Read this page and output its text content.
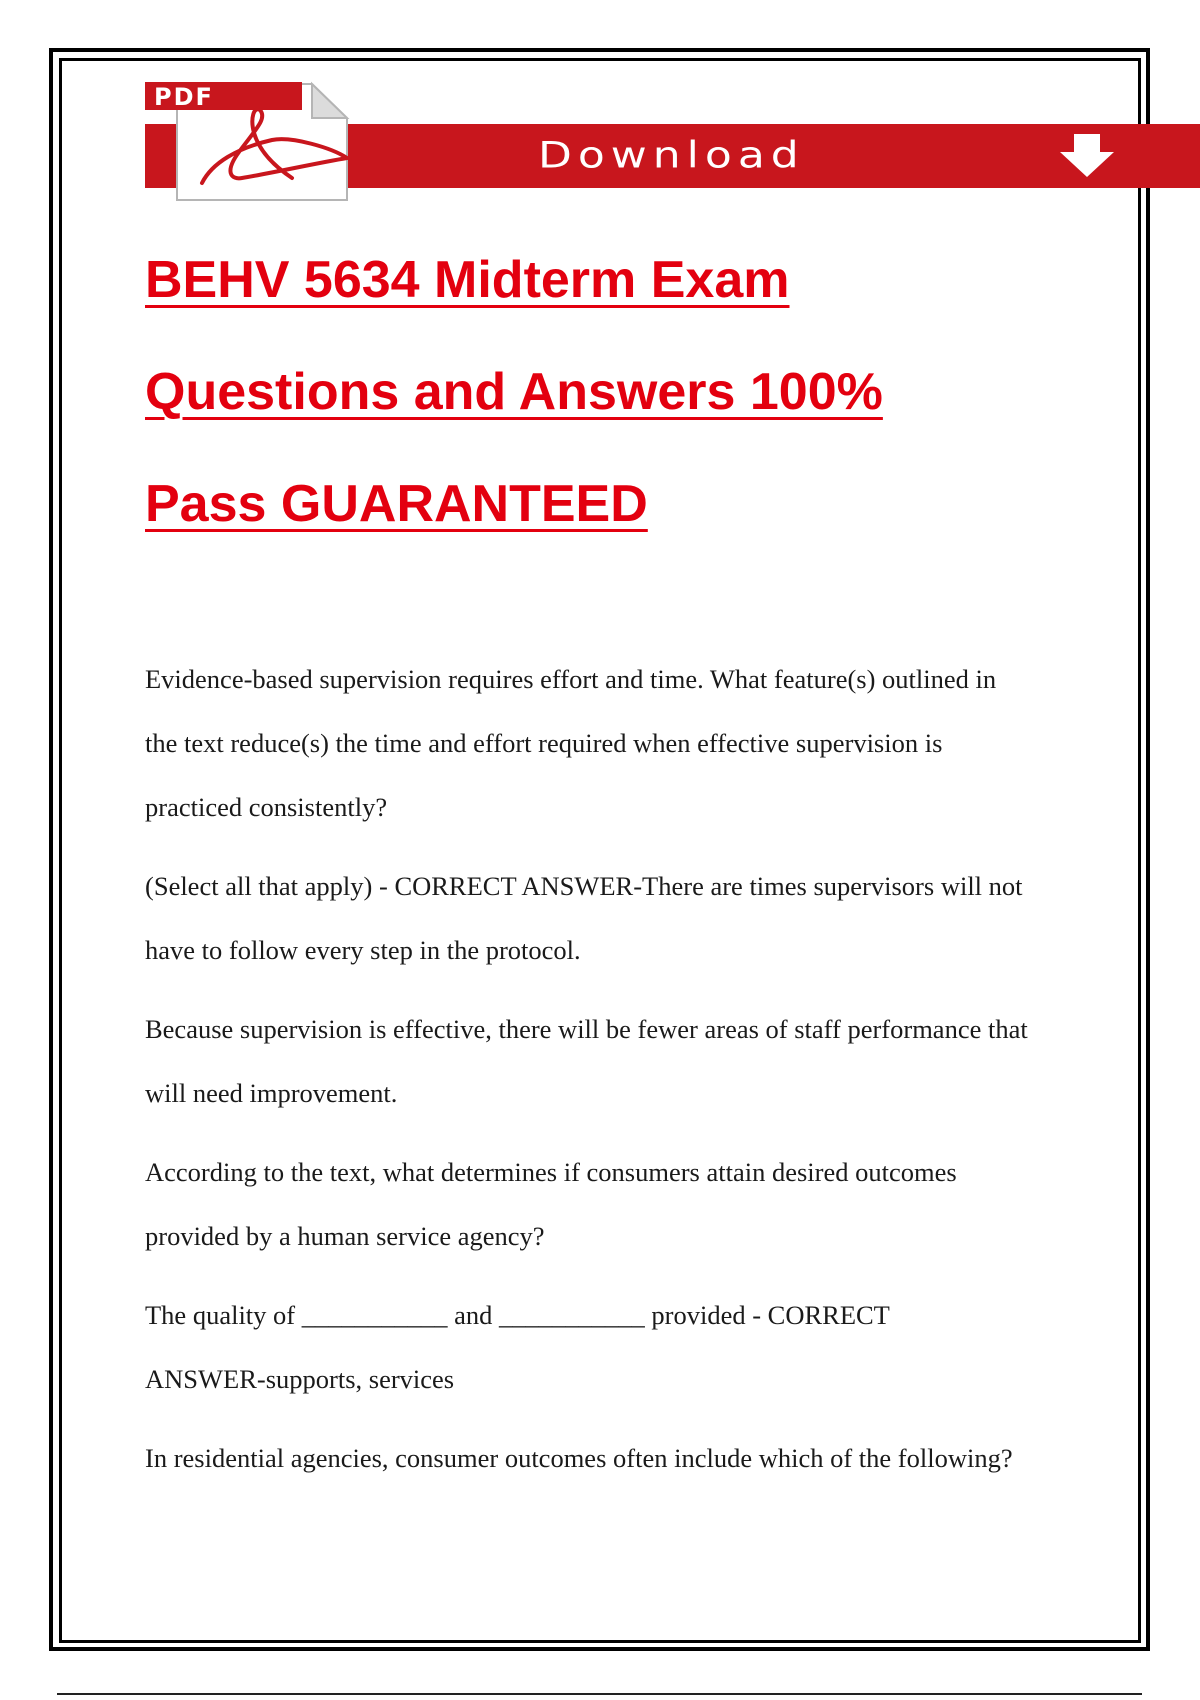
Download
PDF
BEHV 5634 Midterm Exam
Questions and Answers 100%
Pass GUARANTEED

Evidence-based supervision requires effort and time. What feature(s) outlined in

the text reduce(s) the time and effort required when effective supervision is

practiced consistently?

(Select all that apply) - CORRECT ANSWER-There are times supervisors will not

have to follow every step in the protocol.

Because supervision is effective, there will be fewer areas of staff performance that

will need improvement.

According to the text, what determines if consumers attain desired outcomes

provided by a human service agency?

The quality of ___________ and ___________ provided - CORRECT

ANSWER-supports, services

In residential agencies, consumer outcomes often include which of the following?
